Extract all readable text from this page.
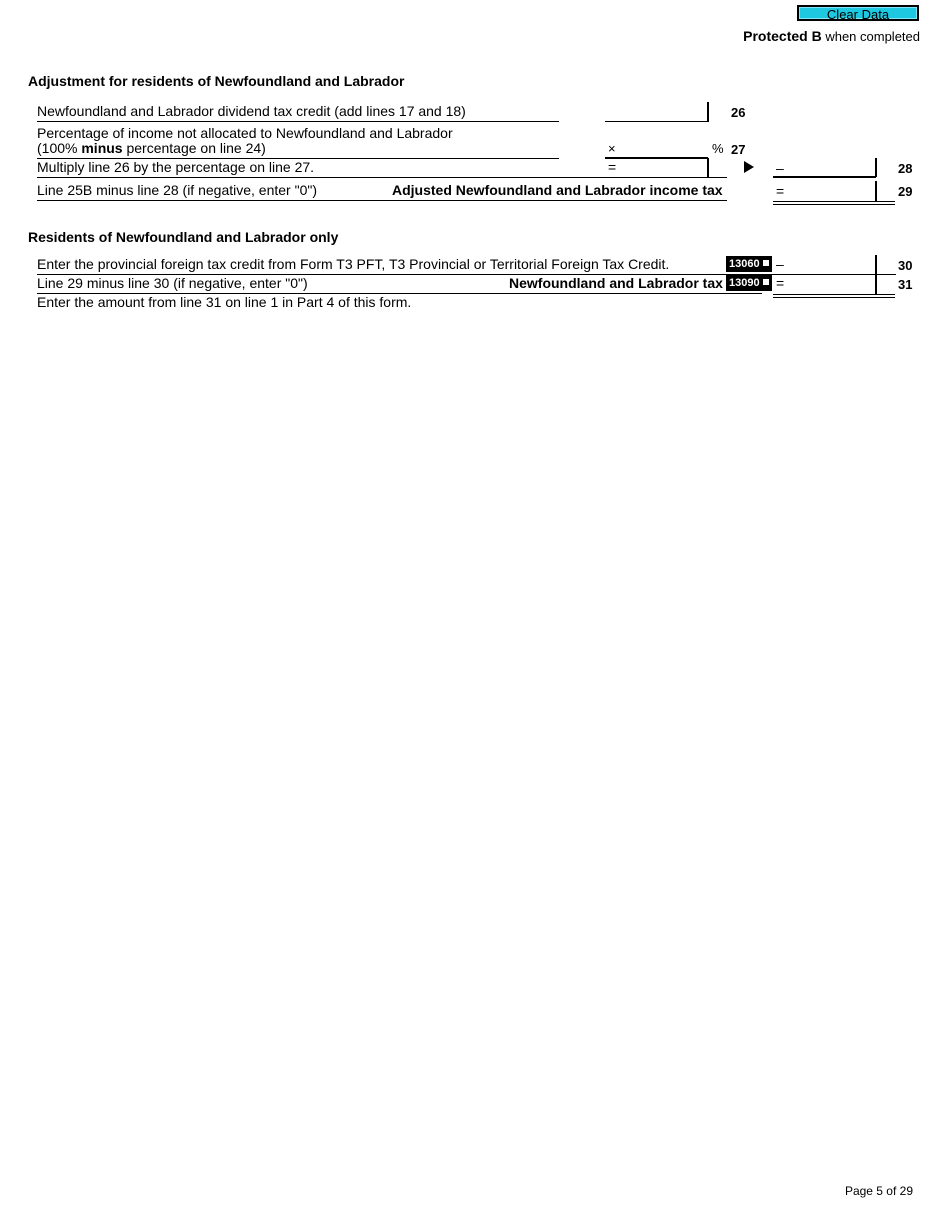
Clear Data
Protected B when completed
Adjustment for residents of Newfoundland and Labrador
Newfoundland and Labrador dividend tax credit (add lines 17 and 18)	26
Percentage of income not allocated to Newfoundland and Labrador
(100% minus percentage on line 24)	×	% 27
Multiply line 26 by the percentage on line 27.	=	–	28
Line 25B minus line 28 (if negative, enter "0")	Adjusted Newfoundland and Labrador income tax	=	29
Residents of Newfoundland and Labrador only
Enter the provincial foreign tax credit from Form T3 PFT, T3 Provincial or Territorial Foreign Tax Credit.	13060	–	30
Line 29 minus line 30 (if negative, enter "0")	Newfoundland and Labrador tax 13090	=	31
Enter the amount from line 31 on line 1 in Part 4 of this form.
Page 5 of 29
